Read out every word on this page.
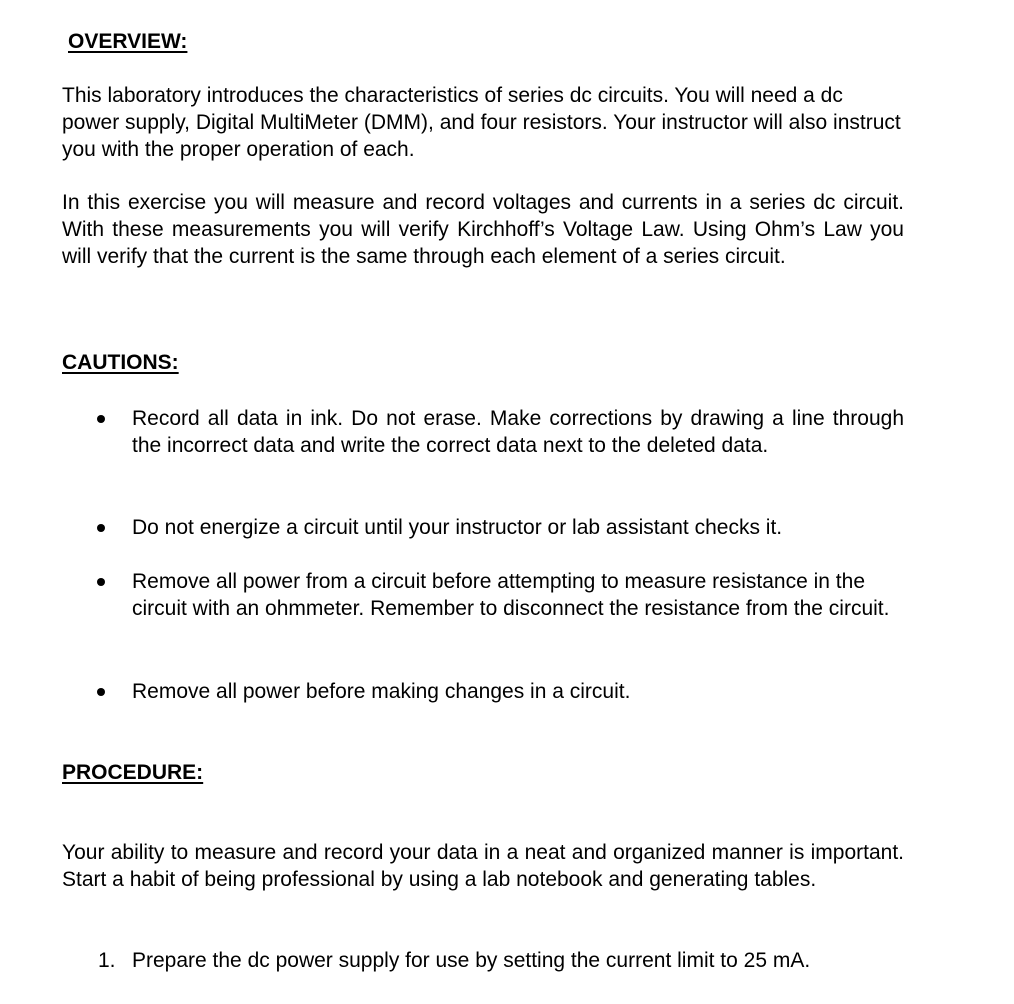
OVERVIEW:

This laboratory introduces the characteristics of series dc circuits. You will need a dc power supply, Digital MultiMeter (DMM), and four resistors. Your instructor will also instruct you with the proper operation of each.

In this exercise you will measure and record voltages and currents in a series dc circuit. With these measurements you will verify Kirchhoff’s Voltage Law. Using Ohm’s Law you will verify that the current is the same through each element of a series circuit.

CAUTIONS:

Record all data in ink. Do not erase. Make corrections by drawing a line through the incorrect data and write the correct data next to the deleted data.

Do not energize a circuit until your instructor or lab assistant checks it.

Remove all power from a circuit before attempting to measure resistance in the circuit with an ohmmeter. Remember to disconnect the resistance from the circuit.

Remove all power before making changes in a circuit.

PROCEDURE:

Your ability to measure and record your data in a neat and organized manner is important. Start a habit of being professional by using a lab notebook and generating tables.

1. Prepare the dc power supply for use by setting the current limit to 25 mA.
